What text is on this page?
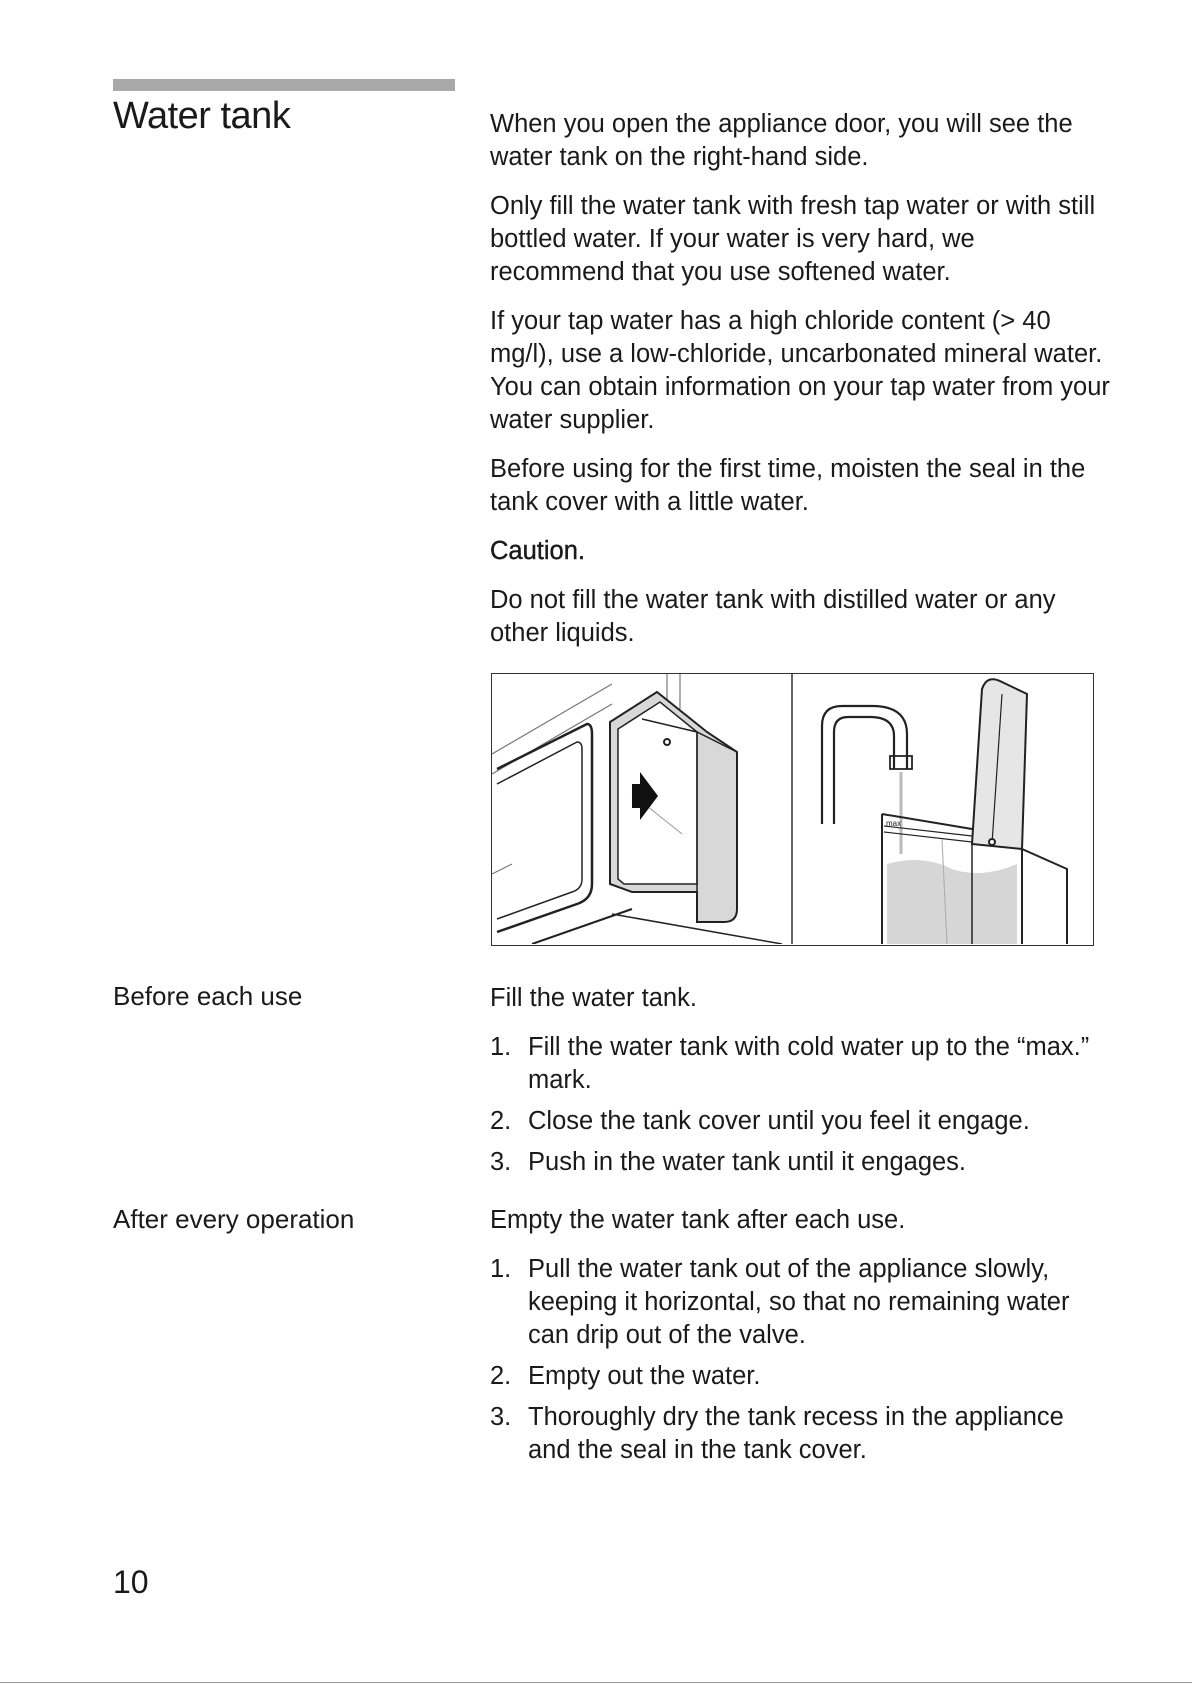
Water tank	When you open the appliance door, you will see the water tank on the right-hand side.

Only fill the water tank with fresh tap water or with still bottled water. If your water is very hard, we recommend that you use softened water.

If your tap water has a high chloride content (> 40 mg/l), use a low-chloride, uncarbonated mineral water. You can obtain information on your tap water from your water supplier.

Before using for the first time, moisten the seal in the tank cover with a little water.

Caution.

Do not fill the water tank with distilled water or any other liquids.

max
Before each use	Fill the water tank.

1. Fill the water tank with cold water up to the “max.” mark.
2. Close the tank cover until you feel it engage.
3. Push in the water tank until it engages.
After every operation	Empty the water tank after each use.

1. Pull the water tank out of the appliance slowly, keeping it horizontal, so that no remaining water can drip out of the valve.
2. Empty out the water.
3. Thoroughly dry the tank recess in the appliance and the seal in the tank cover.
10
